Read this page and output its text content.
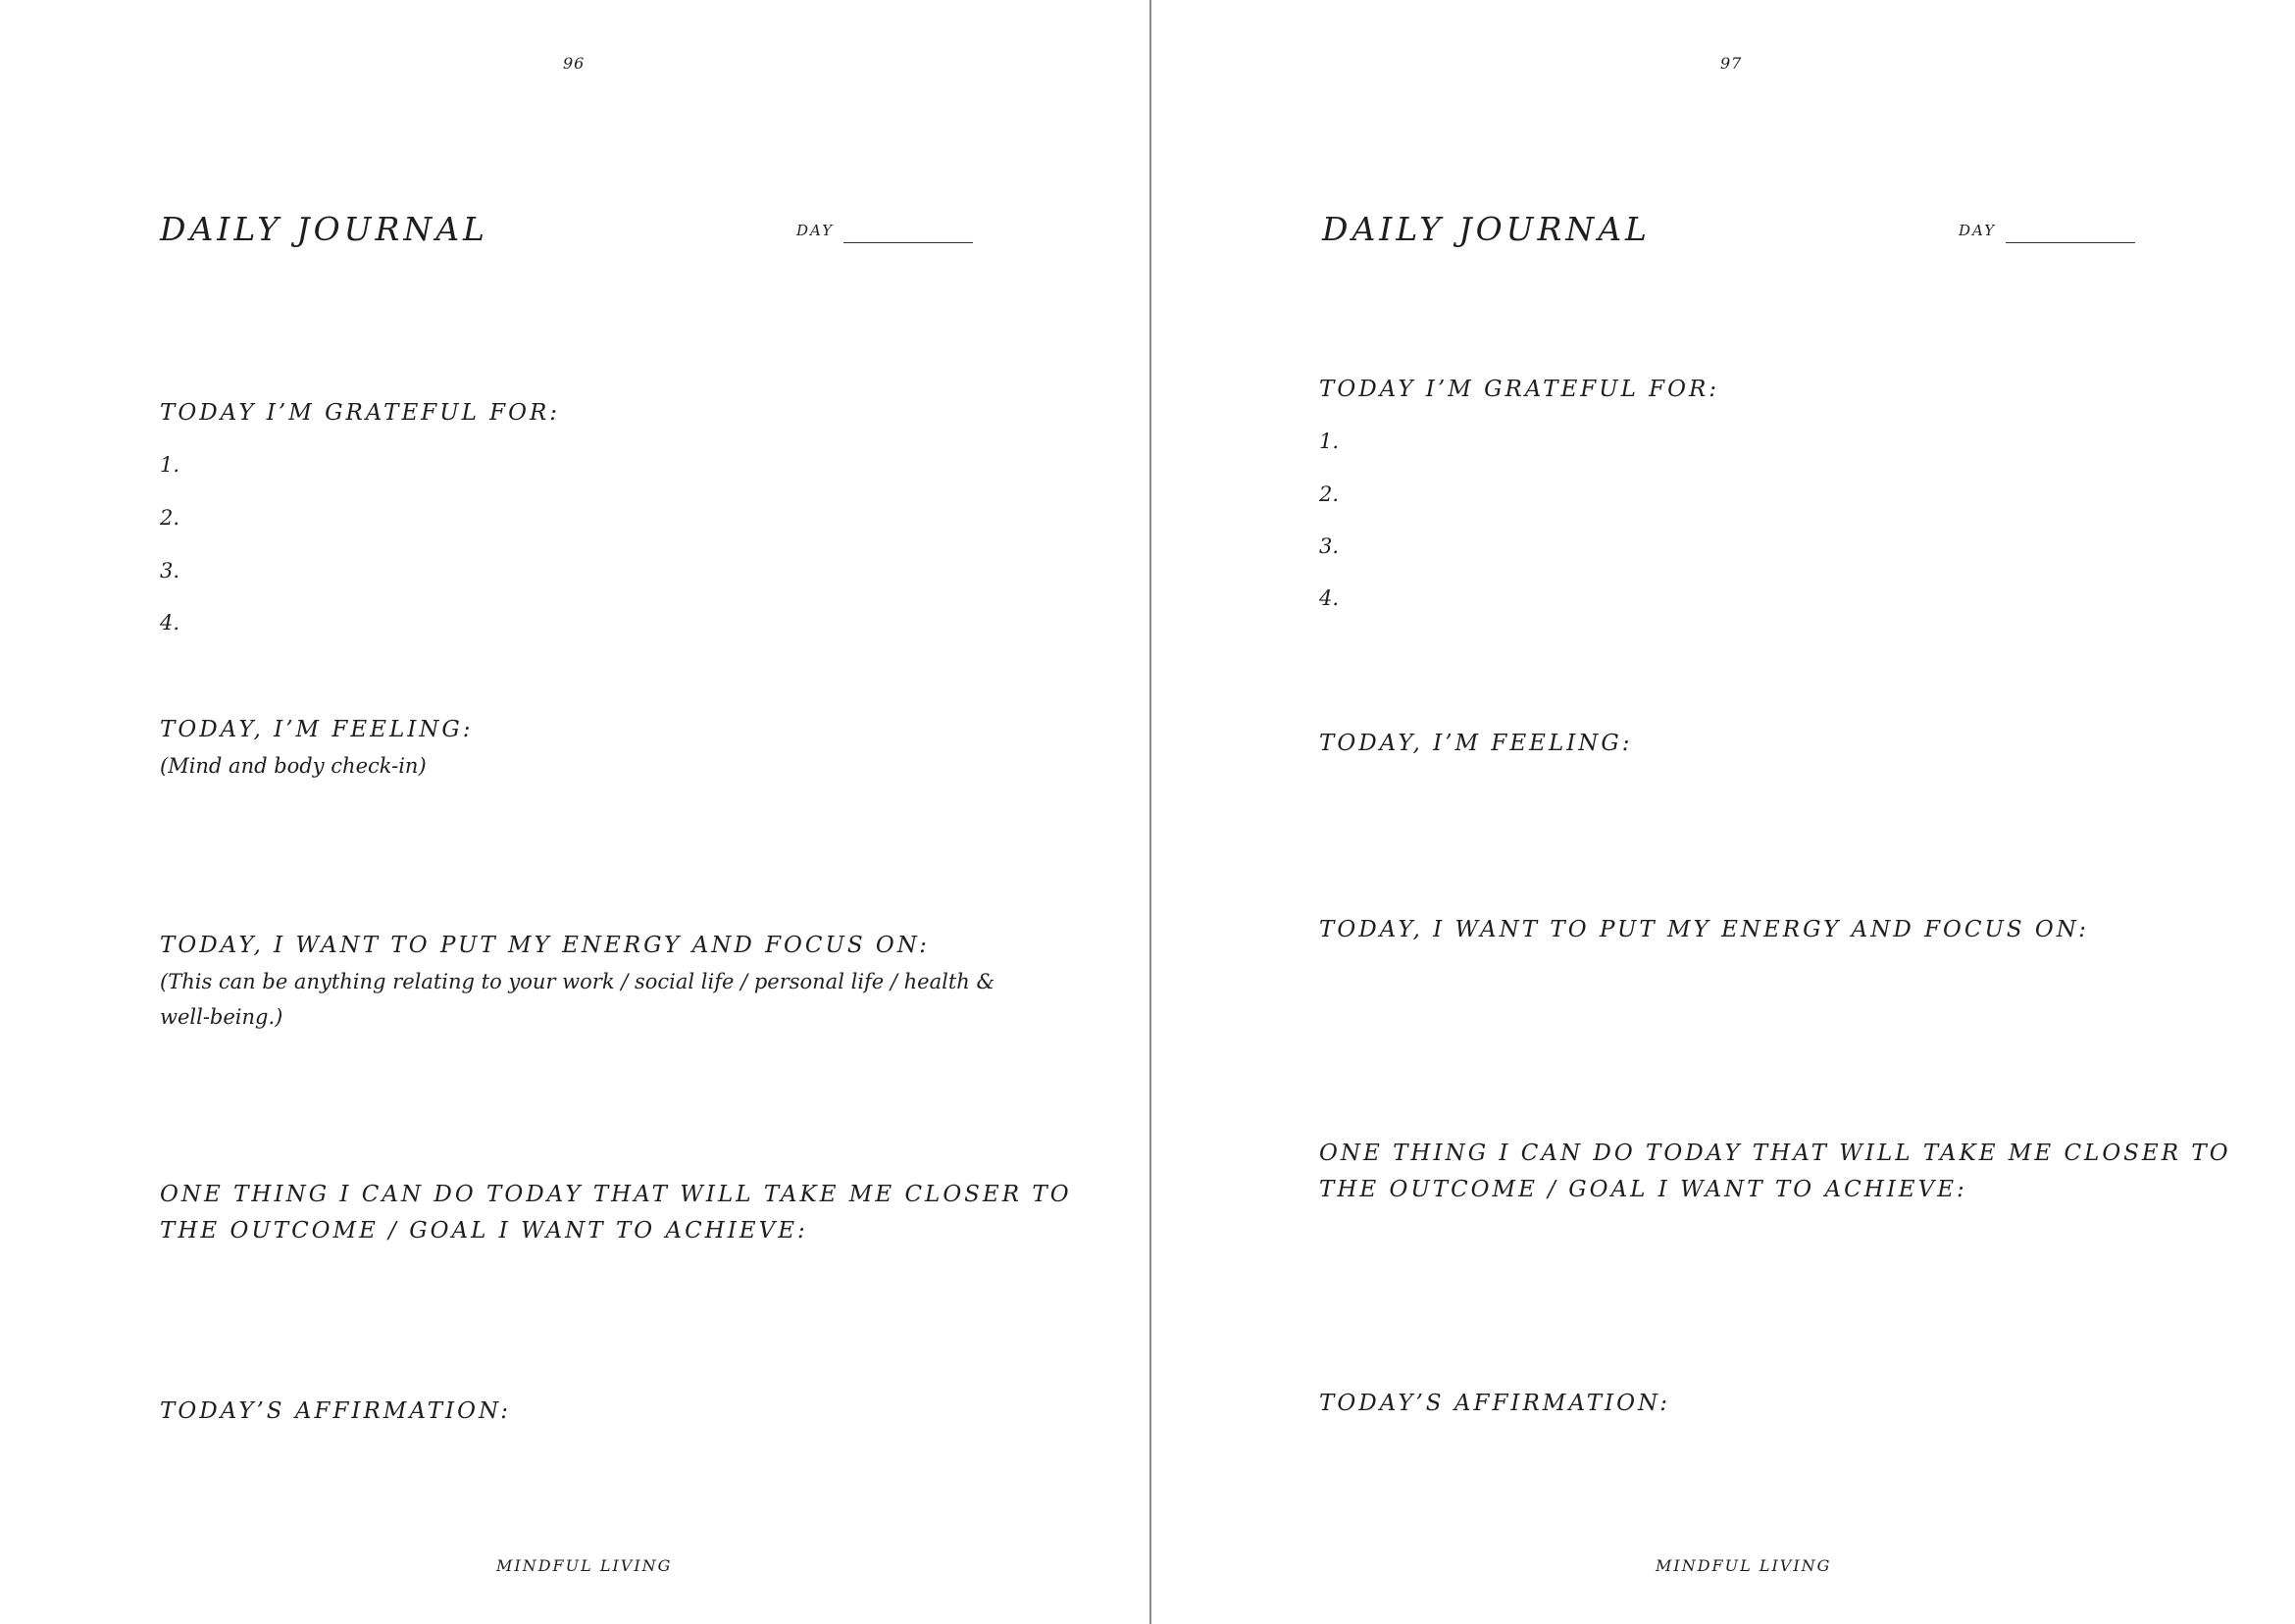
96
DAILY JOURNAL	DAY
TODAY I’M GRATEFUL FOR:
1.
2.
3.
4.
TODAY, I’M FEELING:
(Mind and body check-in)
TODAY, I WANT TO PUT MY ENERGY AND FOCUS ON:
(This can be anything relating to your work / social life / personal life / health &
well-being.)
ONE THING I CAN DO TODAY THAT WILL TAKE ME CLOSER TO
THE OUTCOME / GOAL I WANT TO ACHIEVE:
TODAY’S AFFIRMATION:
MINDFUL LIVING
97
DAILY JOURNAL	DAY
TODAY I’M GRATEFUL FOR:
1.
2.
3.
4.
TODAY, I’M FEELING:
TODAY, I WANT TO PUT MY ENERGY AND FOCUS ON:
ONE THING I CAN DO TODAY THAT WILL TAKE ME CLOSER TO
THE OUTCOME / GOAL I WANT TO ACHIEVE:
TODAY’S AFFIRMATION:
MINDFUL LIVING
